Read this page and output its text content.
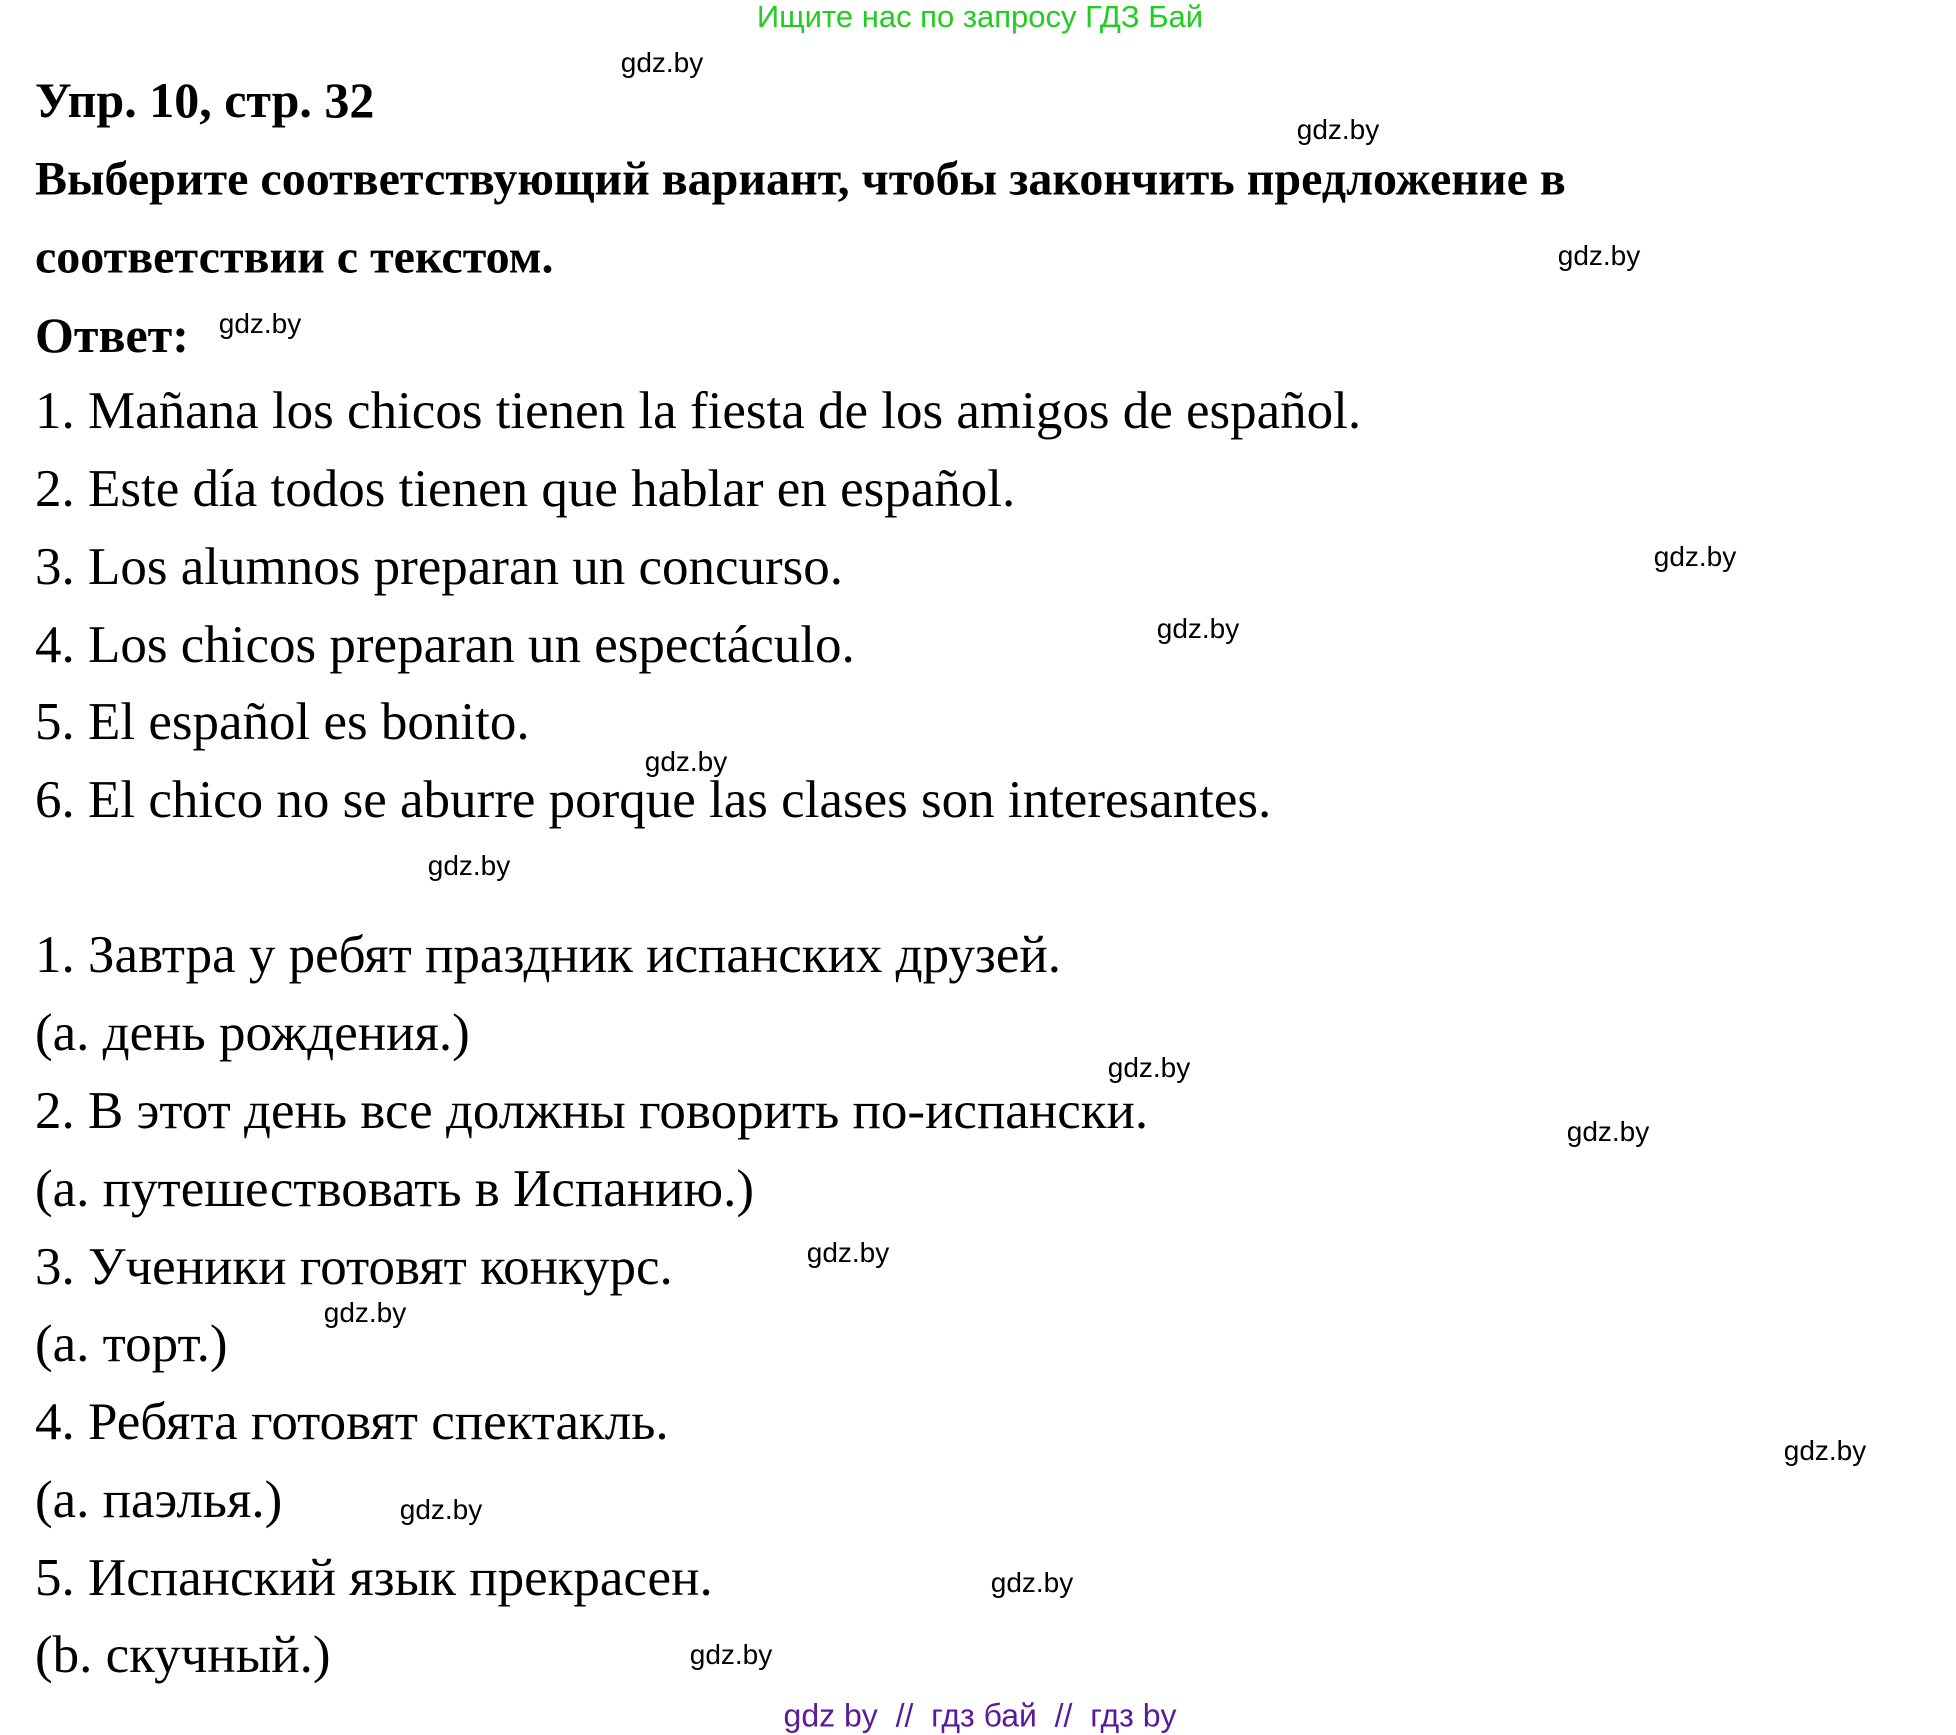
Ищите нас по запросу ГДЗ Бай
Упр. 10, стр. 32
Выберите соответствующий вариант, чтобы закончить предложение в
соответствии с текстом.
Ответ:
1. Mañana los chicos tienen la fiesta de los amigos de español.
2. Este día todos tienen que hablar en español.
3. Los alumnos preparan un concurso.
4. Los chicos preparan un espectáculo.
5. El español es bonito.
6. El chico no se aburre porque las clases son interesantes.
1. Завтра у ребят праздник испанских друзей.
(a. день рождения.)
2. В этот день все должны говорить по-испански.
(a. путешествовать в Испанию.)
3. Ученики готовят конкурс.
(a. торт.)
4. Ребята готовят спектакль.
(a. паэлья.)
5. Испанский язык прекрасен.
(b. скучный.)
gdz.by
gdz.by
gdz.by
gdz.by
gdz.by
gdz.by
gdz.by
gdz.by
gdz.by
gdz.by
gdz.by
gdz.by
gdz.by
gdz.by
gdz.by
gdz.by
gdz by  //  гдз бай  //  гдз by
